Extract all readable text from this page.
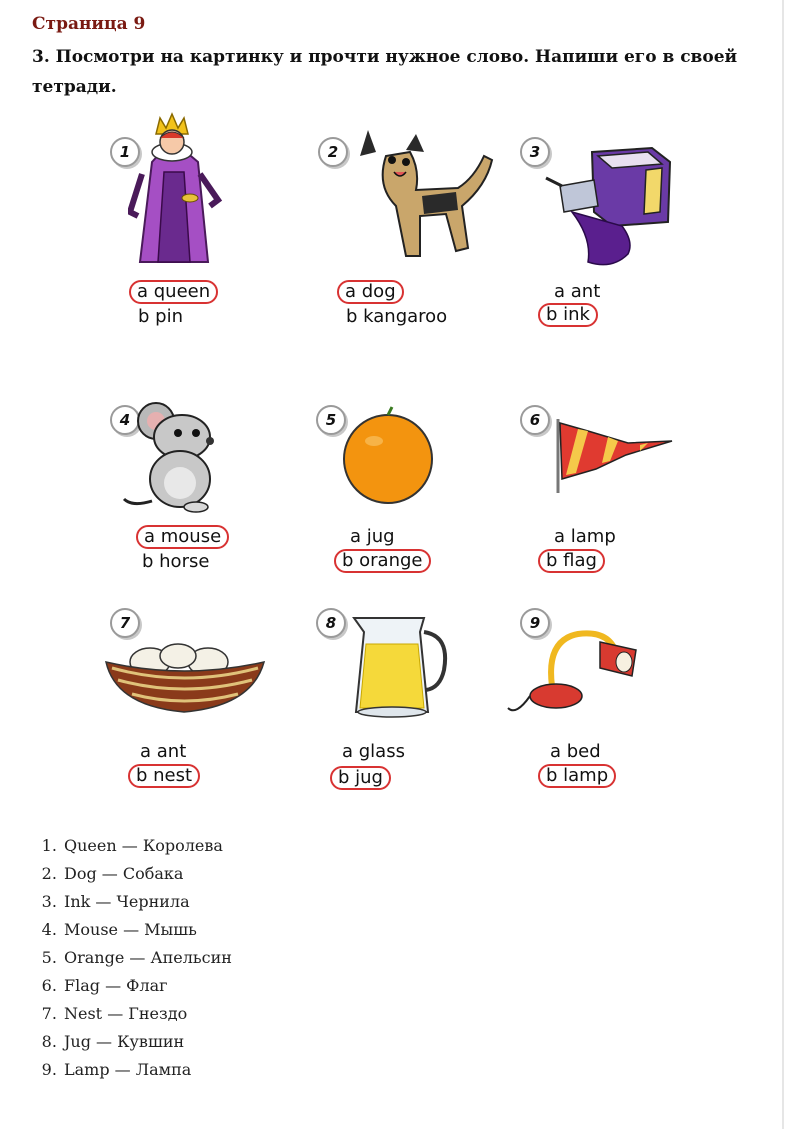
Страница 9
3. Посмотри на картинку и прочти нужное слово. Напиши его в своей тетради.
1
a queen
b pin
2
a dog
b kangaroo
3
a ant
b ink
4
a mouse
b horse
5
a jug
b orange
6
a lamp
b flag
7
a ant
b nest
8
a glass
b jug
9
a bed
b lamp
1. Queen — Королева
2. Dog — Собака
3. Ink — Чернила
4. Mouse — Мышь
5. Orange — Апельсин
6. Flag — Флаг
7. Nest — Гнездо
8. Jug — Кувшин
9. Lamp — Лампа
